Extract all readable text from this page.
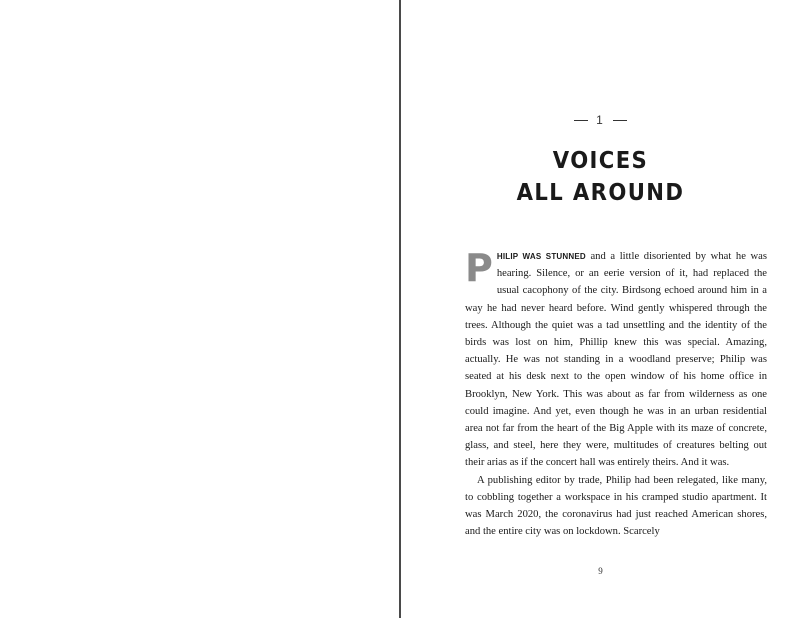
1
VOICES
ALL AROUND

PHILIP WAS STUNNED and a little disoriented by what he was hearing. Silence, or an eerie version of it, had replaced the usual cacophony of the city. Birdsong echoed around him in a way he had never heard before. Wind gently whispered through the trees. Although the quiet was a tad unsettling and the identity of the birds was lost on him, Phillip knew this was special. Amazing, actually. He was not standing in a woodland preserve; Philip was seated at his desk next to the open window of his home office in Brooklyn, New York. This was about as far from wilderness as one could imagine. And yet, even though he was in an urban residential area not far from the heart of the Big Apple with its maze of concrete, glass, and steel, here they were, multitudes of creatures belting out their arias as if the concert hall was entirely theirs. And it was.

A publishing editor by trade, Philip had been relegated, like many, to cobbling together a workspace in his cramped studio apartment. It was March 2020, the coronavirus had just reached American shores, and the entire city was on lockdown. Scarcely

9
